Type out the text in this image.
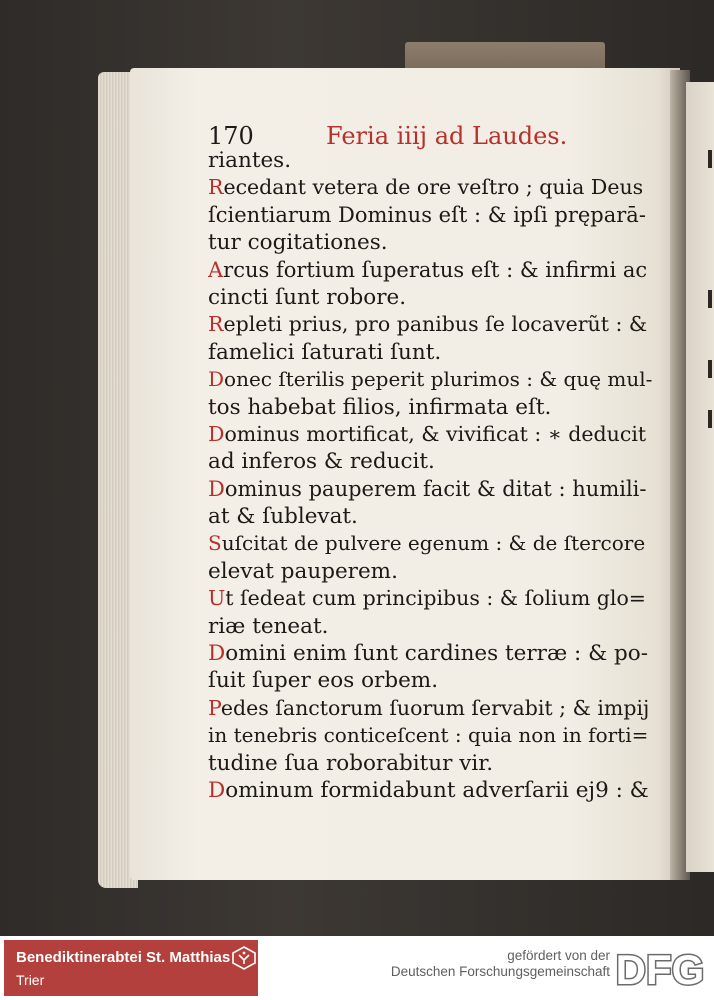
170	Feria iiij ad Laudes.
riantes.
Recedant vetera de ore veſtro ; quia Deus
ſcientiarum Dominus eſt : & ipſi pręparā-
tur cogitationes.
Arcus fortium ſuperatus eſt : & infirmi ac
cincti ſunt robore.
Repleti prius, pro panibus ſe locaverũt : &
famelici ſaturati ſunt.
Donec ſterilis peperit plurimos : & quę mul-
tos habebat filios, infirmata eſt.
Dominus mortificat, & vivificat : ∗ deducit
ad inferos & reducit.
Dominus pauperem facit & ditat : humili-
at & ſublevat.
Suſcitat de pulvere egenum : & de ſtercore
elevat pauperem.
Ut ſedeat cum principibus : & ſolium glo=
riæ teneat.
Domini enim ſunt cardines terræ : & po-
ſuit ſuper eos orbem.
Pedes ſanctorum ſuorum ſervabit ; & impij
in tenebris conticeſcent : quia non in forti=
tudine ſua roborabitur vir.
Dominum formidabunt adverſarii ej9 : &
Benediktinerabtei St. Matthias
Trier
gefördert von der
Deutschen Forschungsgemeinschaft DFG
